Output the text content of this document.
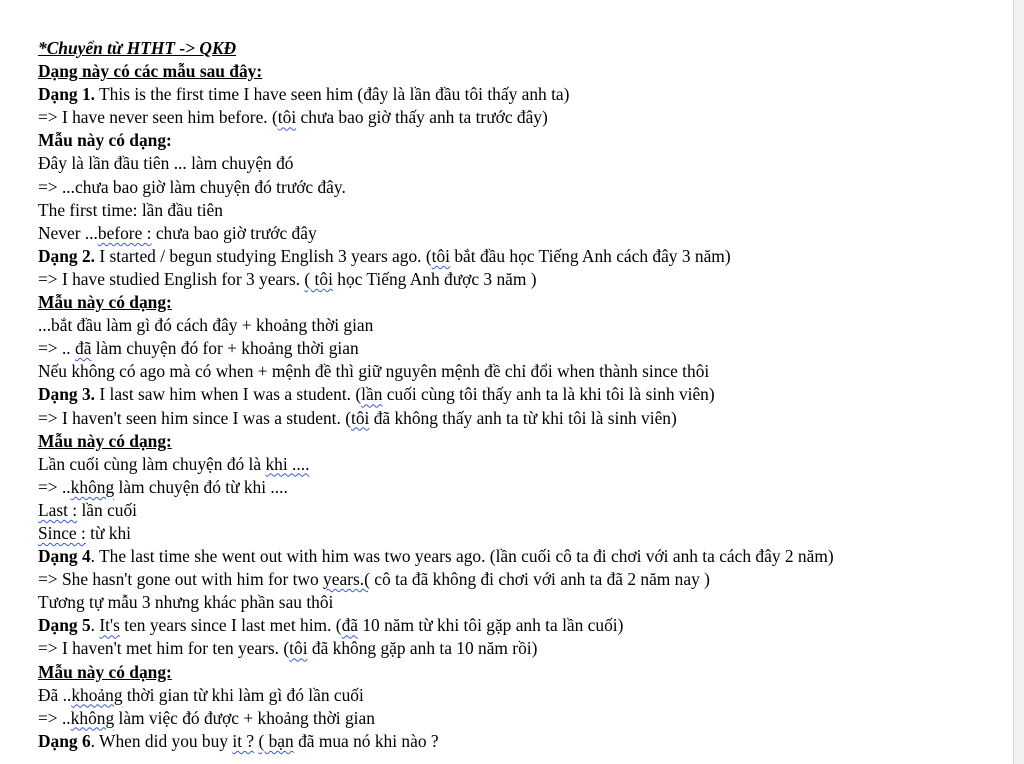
*Chuyển từ HTHT -> QKĐ
Dạng này có các mẫu sau đây:
Dạng 1. This is the first time I have seen him (đây là lần đầu tôi thấy anh ta)
=> I have never seen him before. (tôi chưa bao giờ thấy anh ta trước đây)
Mẫu này có dạng:
Đây là lần đầu tiên ... làm chuyện đó
=> ...chưa bao giờ làm chuyện đó trước đây.
The first time: lần đầu tiên
Never ...before : chưa bao giờ trước đây
Dạng 2. I started / begun studying English 3 years ago. (tôi bắt đầu học Tiếng Anh cách đây 3 năm)
=> I have studied English for 3 years. ( tôi học Tiếng Anh được 3 năm )
Mẫu này có dạng:
...bắt đầu làm gì đó cách đây + khoảng thời gian
=> .. đã làm chuyện đó for + khoảng thời gian
Nếu không có ago mà có when + mệnh đề thì giữ nguyên mệnh đề chỉ đổi when thành since thôi
Dạng 3. I last saw him when I was a student. (lần cuối cùng tôi thấy anh ta là khi tôi là sinh viên)
=> I haven't seen him since I was a student. (tôi đã không thấy anh ta từ khi tôi là sinh viên)
Mẫu này có dạng:
Lần cuối cùng làm chuyện đó là khi ....
=> ..không làm chuyện đó từ khi ....
Last : lần cuối
Since : từ khi
Dạng 4. The last time she went out with him was two years ago. (lần cuối cô ta đi chơi với anh ta cách đây 2 năm)
=> She hasn't gone out with him for two years.( cô ta đã không đi chơi với anh ta đã 2 năm nay )
Tương tự mẫu 3 nhưng khác phần sau thôi
Dạng 5. It's ten years since I last met him. (đã 10 năm từ khi tôi gặp anh ta lần cuối)
=> I haven't met him for ten years. (tôi đã không gặp anh ta 10 năm rồi)
Mẫu này có dạng:
Đã ..khoảng thời gian từ khi làm gì đó lần cuối
=> ..không làm việc đó được + khoảng thời gian
Dạng 6. When did you buy it ? ( bạn đã mua nó khi nào ?
